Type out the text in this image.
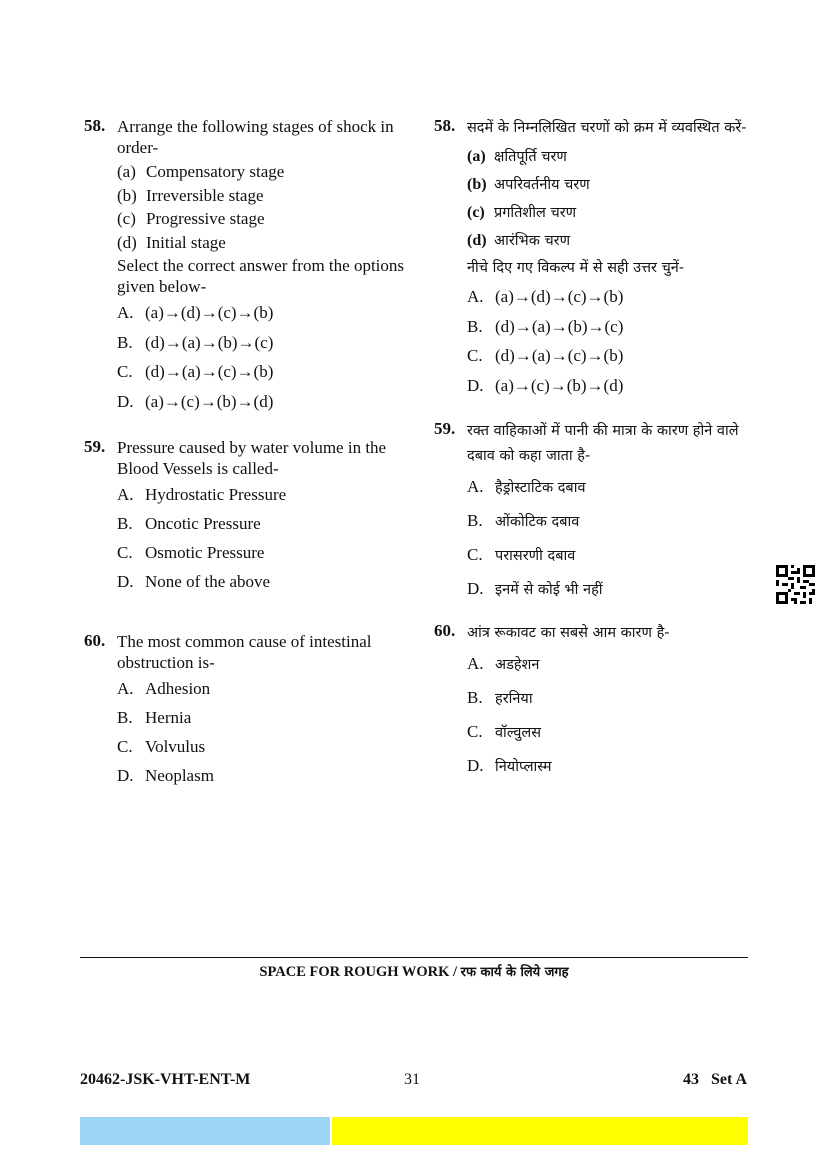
58. Arrange the following stages of shock in order-
(a) Compensatory stage
(b) Irreversible stage
(c) Progressive stage
(d) Initial stage
Select the correct answer from the options given below-
A. (a)→(d)→(c)→(b)
B. (d)→(a)→(b)→(c)
C. (d)→(a)→(c)→(b)
D. (a)→(c)→(b)→(d)
59. Pressure caused by water volume in the Blood Vessels is called-
A. Hydrostatic Pressure
B. Oncotic Pressure
C. Osmotic Pressure
D. None of the above
60. The most common cause of intestinal obstruction is-
A. Adhesion
B. Hernia
C. Volvulus
D. Neoplasm
58. सदमें के निम्नलिखित चरणों को क्रम में व्यवस्थित करें-
(a) क्षतिपूर्ति चरण
(b) अपरिवर्तनीय चरण
(c) प्रगतिशील चरण
(d) आरंभिक चरण
नीचे दिए गए विकल्प में से सही उत्तर चुनें-
A. (a)→(d)→(c)→(b)
B. (d)→(a)→(b)→(c)
C. (d)→(a)→(c)→(b)
D. (a)→(c)→(b)→(d)
59. रक्त वाहिकाओं में पानी की मात्रा के कारण होने वाले दबाव को कहा जाता है-
A. हैड्रोस्टाटिक दबाव
B. ओंकोटिक दबाव
C. परासरणी दबाव
D. इनमें से कोई भी नहीं
60. आंत्र रूकावट का सबसे आम कारण है-
A. अडहेशन
B. हरनिया
C. वॉल्वुलस
D. नियोप्लास्म
SPACE FOR ROUGH WORK / रफ कार्य के लिये जगह
20462-JSK-VHT-ENT-M	31	43   Set A
